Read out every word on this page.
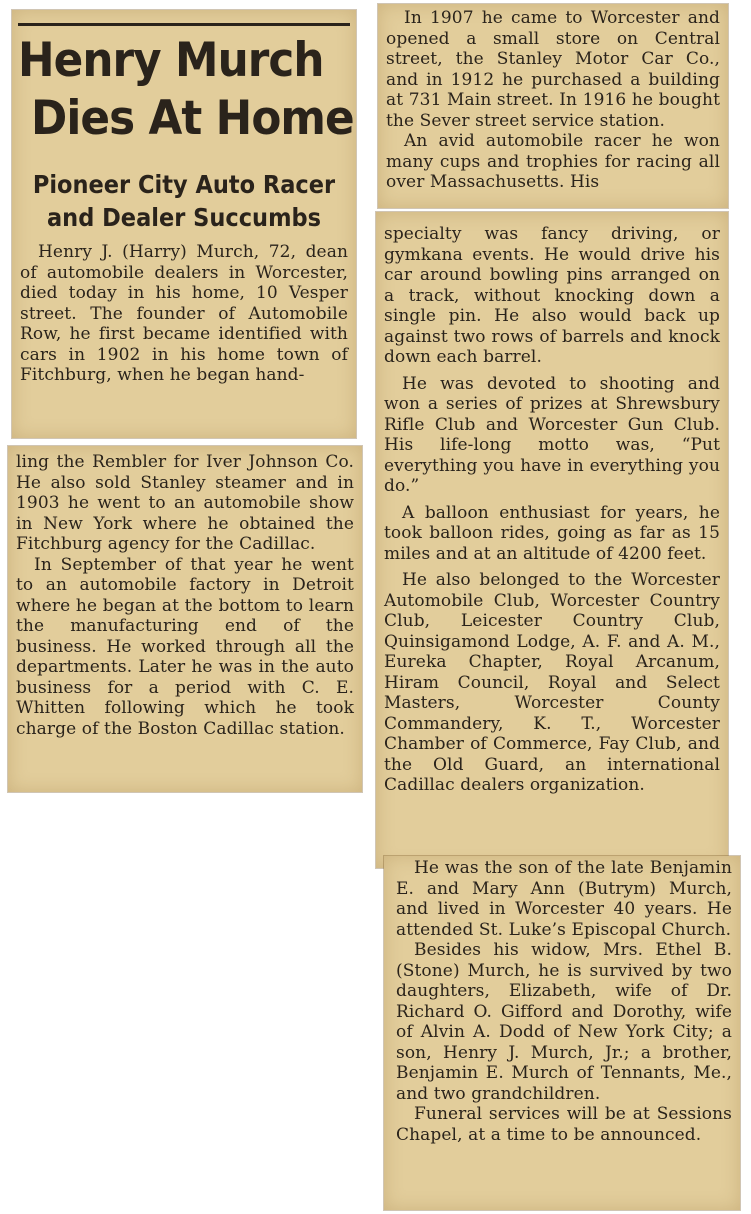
Henry Murch
Dies At Home
Pioneer City Auto Racer
and Dealer Succumbs

Henry J. (Harry) Murch, 72, dean of automobile dealers in Worcester, died today in his home, 10 Vesper street. The founder of Automobile Row, he first became identified with cars in 1902 in his home town of Fitchburg, when he began hand-

ling the Rembler for Iver Johnson Co. He also sold Stanley steamer and in 1903 he went to an automobile show in New York where he obtained the Fitchburg agency for the Cadillac.

In September of that year he went to an automobile factory in Detroit where he began at the bottom to learn the manufacturing end of the business. He worked through all the departments. Later he was in the auto business for a period with C. E. Whitten following which he took charge of the Boston Cadillac station.

In 1907 he came to Worcester and opened a small store on Central street, the Stanley Motor Car Co., and in 1912 he purchased a building at 731 Main street. In 1916 he bought the Sever street service station.

An avid automobile racer he won many cups and trophies for racing all over Massachusetts. His

specialty was fancy driving, or gymkana events. He would drive his car around bowling pins arranged on a track, without knocking down a single pin. He also would back up against two rows of barrels and knock down each barrel.

He was devoted to shooting and won a series of prizes at Shrewsbury Rifle Club and Worcester Gun Club. His life-long motto was, “Put everything you have in everything you do.”

A balloon enthusiast for years, he took balloon rides, going as far as 15 miles and at an altitude of 4200 feet.

He also belonged to the Worcester Automobile Club, Worcester Country Club, Leicester Country Club, Quinsigamond Lodge, A. F. and A. M., Eureka Chapter, Royal Arcanum, Hiram Council, Royal and Select Masters, Worcester County Commandery, K. T., Worcester Chamber of Commerce, Fay Club, and the Old Guard, an international Cadillac dealers organization.

He was the son of the late Benjamin E. and Mary Ann (Butrym) Murch, and lived in Worcester 40 years. He attended St. Luke’s Episcopal Church.

Besides his widow, Mrs. Ethel B. (Stone) Murch, he is survived by two daughters, Elizabeth, wife of Dr. Richard O. Gifford and Dorothy, wife of Alvin A. Dodd of New York City; a son, Henry J. Murch, Jr.; a brother, Benjamin E. Murch of Tennants, Me., and two grandchildren.

Funeral services will be at Sessions Chapel, at a time to be announced.
